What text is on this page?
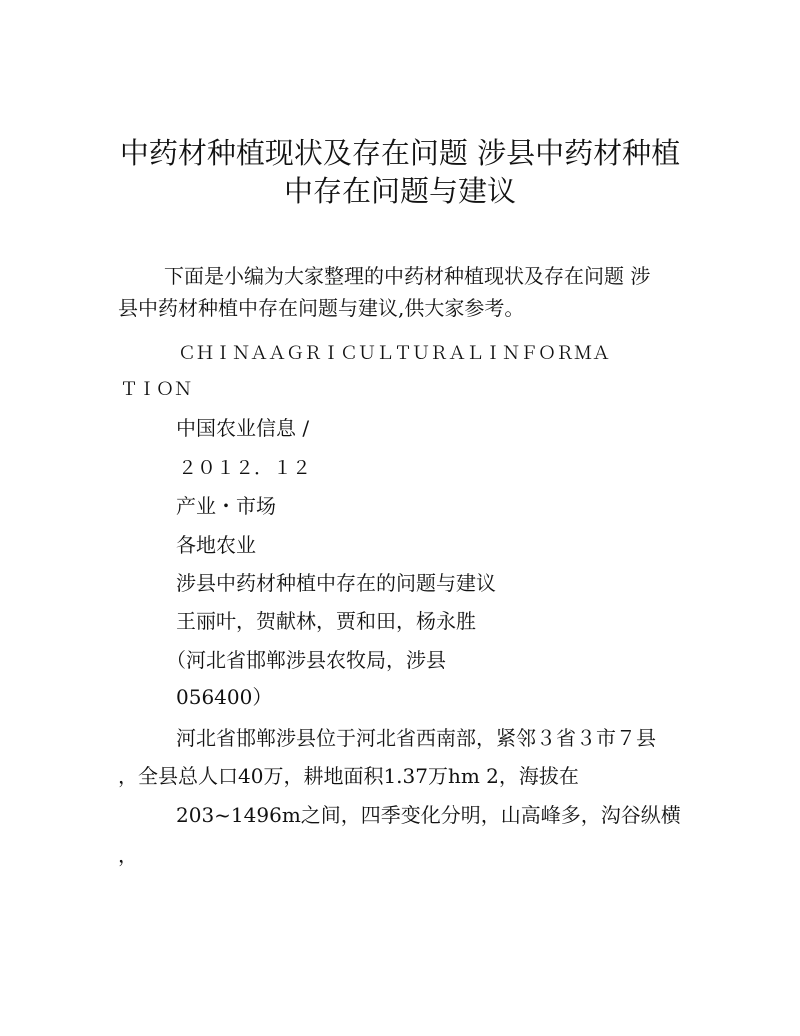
中药材种植现状及存在问题 涉县中药材种植
中存在问题与建议

下面是小编为大家整理的中药材种植现状及存在问题 涉

县中药材种植中存在问题与建议,供大家参考。

ＣＨＩＮＡＡＧＲＩＣＵＬＴＵＲＡＬＩＮＦＯＲＭＡ

ＴＩＯＮ

中国农业信息 /

２０１２．１２

产业・市场

各地农业

涉县中药材种植中存在的问题与建议

王丽叶，贺献林，贾和田，杨永胜

（河北省邯郸涉县农牧局，涉县

056400）

河北省邯郸涉县位于河北省西南部，紧邻３省３市７县

，全县总人口40万，耕地面积1.37万hm 2，海拔在

203~1496m之间，四季变化分明，山高峰多，沟谷纵横

，
